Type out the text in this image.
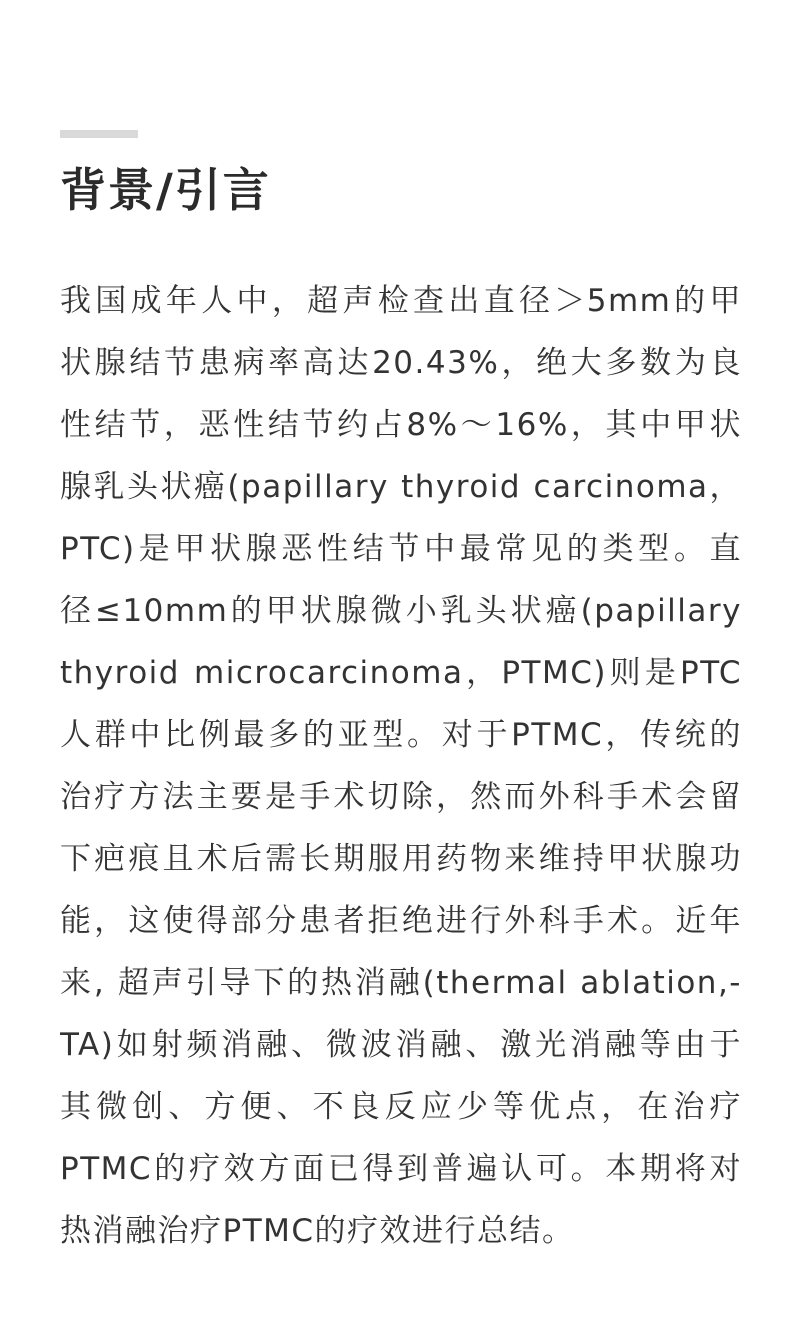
背景/引言
我国成年人中，超声检查出直径＞5mm的甲
状腺结节患病率高达20.43%，绝大多数为良
性结节，恶性结节约占8%～16%，其中甲状
腺乳头状癌(papillary thyroid carcinoma，
PTC)是甲状腺恶性结节中最常见的类型。直
径≤10mm的甲状腺微小乳头状癌(papillary
thyroid microcarcinoma，PTMC)则是PTC
人群中比例最多的亚型。对于PTMC，传统的
治疗方法主要是手术切除，然而外科手术会留
下疤痕且术后需长期服用药物来维持甲状腺功
能，这使得部分患者拒绝进行外科手术。近年
来, 超声引导下的热消融(thermal ablation,-
TA)如射频消融、微波消融、激光消融等由于
其微创、方便、不良反应少等优点，在治疗
PTMC的疗效方面已得到普遍认可。本期将对
热消融治疗PTMC的疗效进行总结。
